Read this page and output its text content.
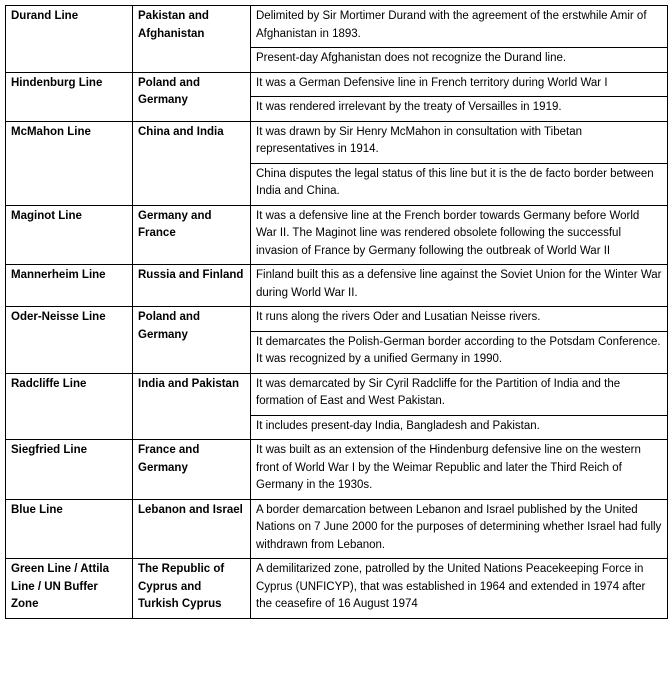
Durand Line	Pakistan and Afghanistan	Delimited by Sir Mortimer Durand with the agreement of the erstwhile Amir of Afghanistan in 1893.
		Present-day Afghanistan does not recognize the Durand line.
Hindenburg Line	Poland and Germany	It was a German Defensive line in French territory during World War I
		It was rendered irrelevant by the treaty of Versailles in 1919.
McMahon Line	China and India	It was drawn by Sir Henry McMahon in consultation with Tibetan representatives in 1914.
		China disputes the legal status of this line but it is the de facto border between India and China.
Maginot Line	Germany and France	It was a defensive line at the French border towards Germany before World War II. The Maginot line was rendered obsolete following the successful invasion of France by Germany following the outbreak of World War II
Mannerheim Line	Russia and Finland	Finland built this as a defensive line against the Soviet Union for the Winter War during World War II.
Oder-Neisse Line	Poland and Germany	It runs along the rivers Oder and Lusatian Neisse rivers.
		It demarcates the Polish-German border according to the Potsdam Conference. It was recognized by a unified Germany in 1990.
Radcliffe Line	India and Pakistan	It was demarcated by Sir Cyril Radcliffe for the Partition of India and the formation of East and West Pakistan.
		It includes present-day India, Bangladesh and Pakistan.
Siegfried Line	France and Germany	It was built as an extension of the Hindenburg defensive line on the western front of World War I by the Weimar Republic and later the Third Reich of Germany in the 1930s.
Blue Line	Lebanon and Israel	A border demarcation between Lebanon and Israel published by the United Nations on 7 June 2000 for the purposes of determining whether Israel had fully withdrawn from Lebanon.
Green Line / Attila Line / UN Buffer Zone	The Republic of Cyprus and Turkish Cyprus	A demilitarized zone, patrolled by the United Nations Peacekeeping Force in Cyprus (UNFICYP), that was established in 1964 and extended in 1974 after the ceasefire of 16 August 1974
